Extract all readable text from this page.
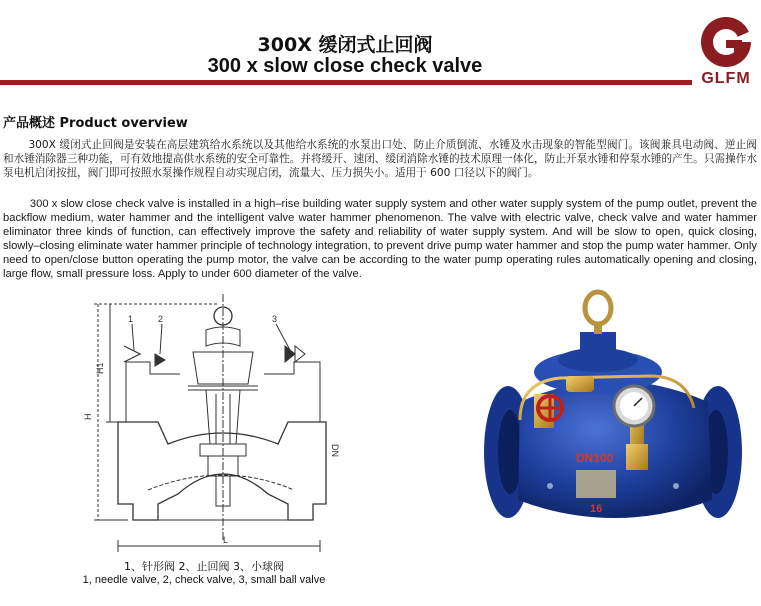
300X 缓闭式止回阀
300 x slow close check valve
GLFM
产品概述 Product overview

300X 缓闭式止回阀是安装在高层建筑给水系统以及其他给水系统的水泵出口处、防止介质倒流、水锤及水击现象的智能型阀门。该阀兼具电动阀、逆止阀和水锤消除器三种功能，可有效地提高供水系统的安全可靠性。并将缓开、速闭、缓闭消除水锤的技术原理一体化，防止开泵水锤和停泵水锤的产生。只需操作水泵电机启闭按扭，阀门即可按照水泵操作规程自动实现启闭，流量大、压力损失小。适用于 600 口径以下的阀门。

300 x slow close check valve is installed in a high–rise building water supply system and other water supply system of the pump outlet, prevent the backflow medium, water hammer and the intelligent valve water hammer phenomenon. The valve with electric valve, check valve and water hammer eliminator three kinds of function, can effectively improve the safety and reliability of water supply system. And will be slow to open, quick closing, slowly–closing eliminate water hammer principle of technology integration, to prevent drive pump water hammer and stop the pump water hammer. Only need to open/close button operating the pump motor, the valve can be according to the water pump operating rules automatically opening and closing, large flow, small pressure loss. Apply to under 600 diameter of the valve.

H
H1
DN
L
1	2	3
DN100
16
1、针形阀 2、止回阀 3、小球阀
1, needle valve, 2, check valve, 3, small ball valve
